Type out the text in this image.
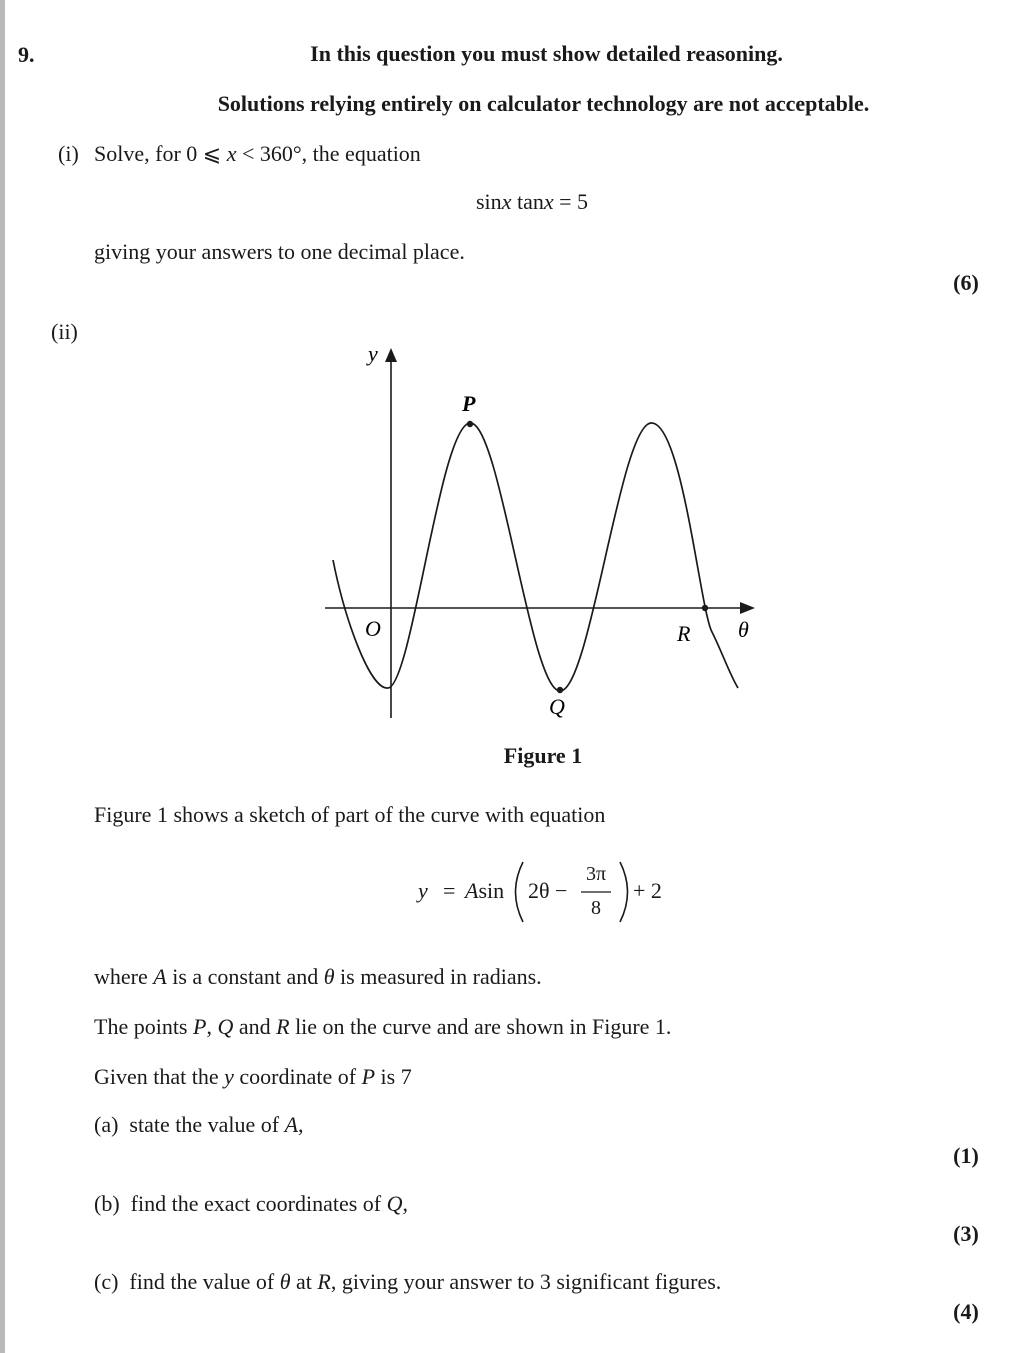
9.	In this question you must show detailed reasoning.
Solutions relying entirely on calculator technology are not acceptable.
(i) Solve, for 0 ⩽ x < 360°, the equation
sinx tanx = 5
giving your answers to one decimal place.
(6)
(ii)
y
θ
O
P
Q
R
Figure 1
Figure 1 shows a sketch of part of the curve with equation
y = Asin 2θ −
3π
8
+ 2
where A is a constant and θ is measured in radians.
The points P, Q and R lie on the curve and are shown in Figure 1.
Given that the y coordinate of P is 7
(a) state the value of A,
(1)
(b) find the exact coordinates of Q,
(3)
(c) find the value of θ at R, giving your answer to 3 significant figures.
(4)
